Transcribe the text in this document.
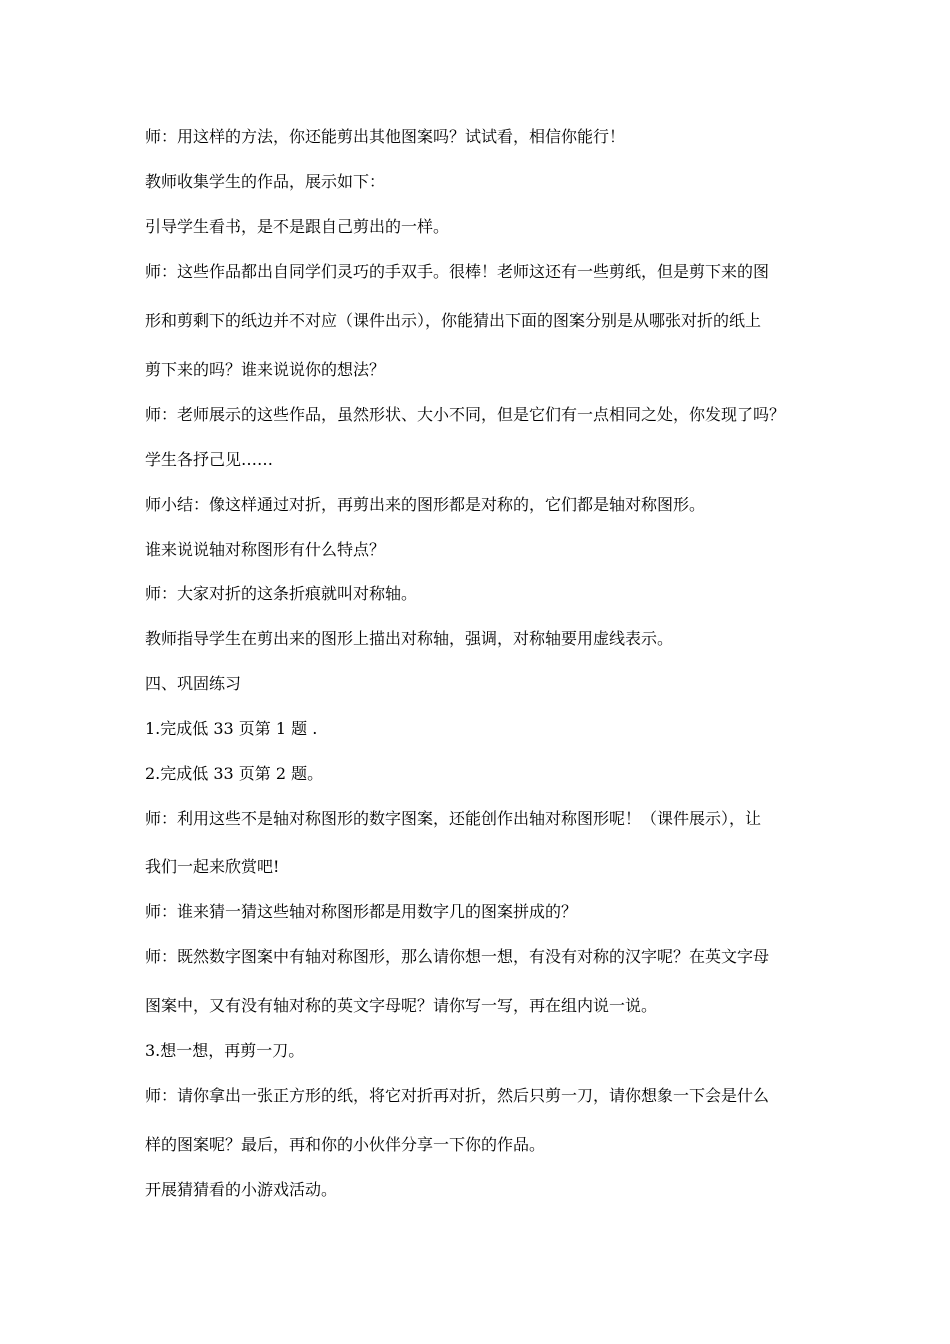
师：用这样的方法，你还能剪出其他图案吗？试试看，相信你能行！
教师收集学生的作品，展示如下：
引导学生看书，是不是跟自己剪出的一样。
师：这些作品都出自同学们灵巧的手双手。很棒！老师这还有一些剪纸，但是剪下来的图
形和剪剩下的纸边并不对应（课件出示），你能猜出下面的图案分别是从哪张对折的纸上
剪下来的吗？谁来说说你的想法？
师：老师展示的这些作品，虽然形状、大小不同，但是它们有一点相同之处，你发现了吗？
学生各抒己见……
师小结：像这样通过对折，再剪出来的图形都是对称的，它们都是轴对称图形。
谁来说说轴对称图形有什么特点？
师：大家对折的这条折痕就叫对称轴。
教师指导学生在剪出来的图形上描出对称轴，强调，对称轴要用虚线表示。
四、巩固练习
1.完成低 33 页第 1 题 .
2.完成低 33 页第 2 题。
师：利用这些不是轴对称图形的数字图案，还能创作出轴对称图形呢！（课件展示），让
我们一起来欣赏吧!
师：谁来猜一猜这些轴对称图形都是用数字几的图案拼成的？
师：既然数字图案中有轴对称图形，那么请你想一想，有没有对称的汉字呢？在英文字母
图案中，又有没有轴对称的英文字母呢？请你写一写，再在组内说一说。
3.想一想，再剪一刀。
师：请你拿出一张正方形的纸，将它对折再对折，然后只剪一刀，请你想象一下会是什么
样的图案呢？最后，再和你的小伙伴分享一下你的作品。
开展猜猜看的小游戏活动。
